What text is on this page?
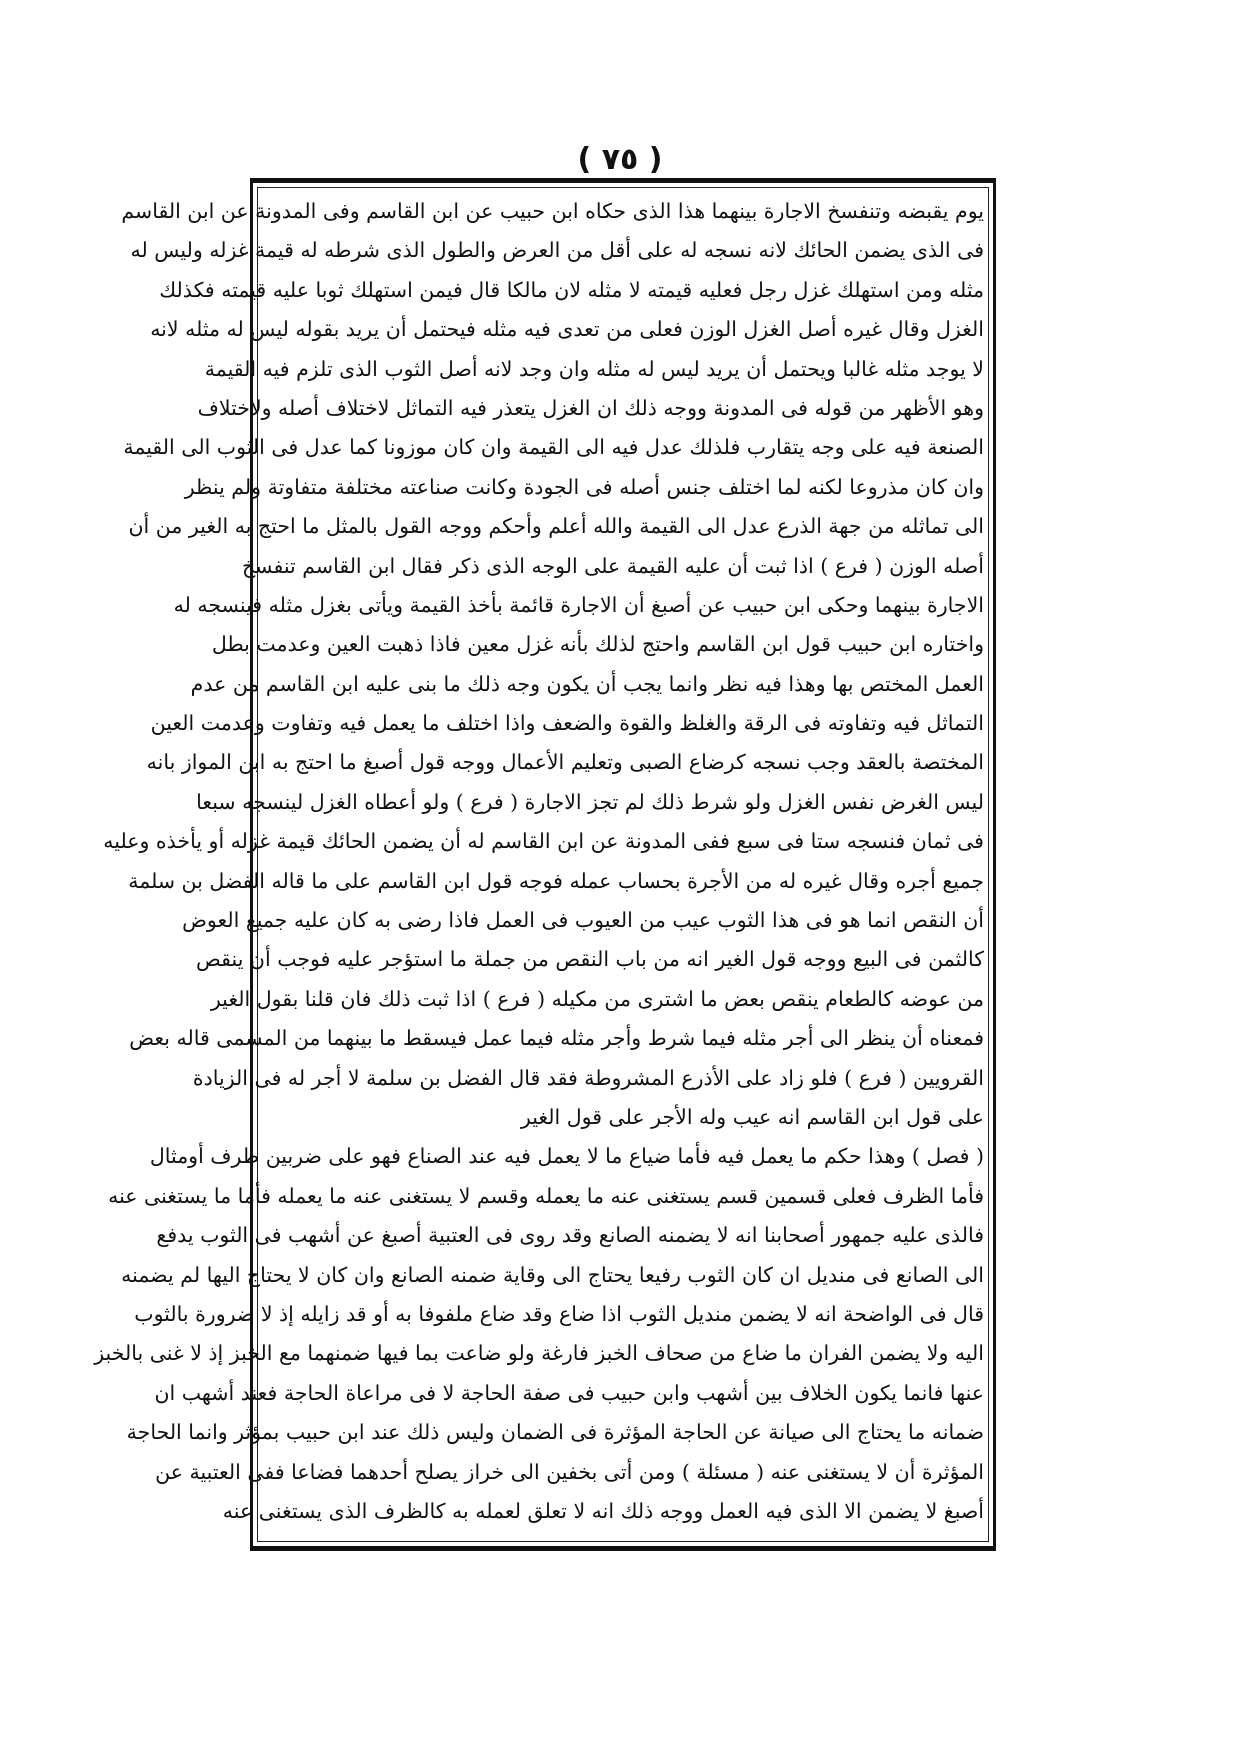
( ٧٥ )
يوم يقبضه وتنفسخ الاجارة بينهما هذا الذى حكاه ابن حبيب عن ابن القاسم وفى المدونة عن ابن القاسم
فى الذى يضمن الحائك لانه نسجه له على أقل من العرض والطول الذى شرطه له قيمة غزله وليس له
مثله ومن استهلك غزل رجل فعليه قيمته لا مثله لان مالكا قال فيمن استهلك ثوبا عليه قيمته فكذلك
الغزل وقال غيره أصل الغزل الوزن فعلى من تعدى فيه مثله فيحتمل أن يريد بقوله ليس له مثله لانه
لا يوجد مثله غالبا ويحتمل أن يريد ليس له مثله وان وجد لانه أصل الثوب الذى تلزم فيه القيمة
وهو الأظهر من قوله فى المدونة ووجه ذلك ان الغزل يتعذر فيه التماثل لاختلاف أصله ولاختلاف
الصنعة فيه على وجه يتقارب فلذلك عدل فيه الى القيمة وان كان موزونا كما عدل فى الثوب الى القيمة
وان كان مذروعا لكنه لما اختلف جنس أصله فى الجودة وكانت صناعته مختلفة متفاوتة ولم ينظر
الى تماثله من جهة الذرع عدل الى القيمة والله أعلم وأحكم ووجه القول بالمثل ما احتج به الغير من أن
أصله الوزن ( فرع ) اذا ثبت أن عليه القيمة على الوجه الذى ذكر فقال ابن القاسم تنفسخ
الاجارة بينهما وحكى ابن حبيب عن أصبغ أن الاجارة قائمة بأخذ القيمة ويأتى بغزل مثله فينسجه له
واختاره ابن حبيب قول ابن القاسم واحتج لذلك بأنه غزل معين فاذا ذهبت العين وعدمت بطل
العمل المختص بها وهذا فيه نظر وانما يجب أن يكون وجه ذلك ما بنى عليه ابن القاسم من عدم
التماثل فيه وتفاوته فى الرقة والغلظ والقوة والضعف واذا اختلف ما يعمل فيه وتفاوت وعدمت العين
المختصة بالعقد وجب نسجه كرضاع الصبى وتعليم الأعمال ووجه قول أصبغ ما احتج به ابن المواز بانه
ليس الغرض نفس الغزل ولو شرط ذلك لم تجز الاجارة ( فرع ) ولو أعطاه الغزل لينسجه سبعا
فى ثمان فنسجه ستا فى سبع ففى المدونة عن ابن القاسم له أن يضمن الحائك قيمة غزله أو يأخذه وعليه
جميع أجره وقال غيره له من الأجرة بحساب عمله فوجه قول ابن القاسم على ما قاله الفضل بن سلمة
أن النقص انما هو فى هذا الثوب عيب من العيوب فى العمل فاذا رضى به كان عليه جميع العوض
كالثمن فى البيع ووجه قول الغير انه من باب النقص من جملة ما استؤجر عليه فوجب أن ينقص
من عوضه كالطعام ينقص بعض ما اشترى من مكيله ( فرع ) اذا ثبت ذلك فان قلنا بقول الغير
فمعناه أن ينظر الى أجر مثله فيما شرط وأجر مثله فيما عمل فيسقط ما بينهما من المسمى قاله بعض
القرويين ( فرع ) فلو زاد على الأذرع المشروطة فقد قال الفضل بن سلمة لا أجر له فى الزيادة
على قول ابن القاسم انه عيب وله الأجر على قول الغير
( فصل ) وهذا حكم ما يعمل فيه فأما ضياع ما لا يعمل فيه عند الصناع فهو على ضربين ظرف أومثال
فأما الظرف فعلى قسمين قسم يستغنى عنه ما يعمله وقسم لا يستغنى عنه ما يعمله فأما ما يستغنى عنه
فالذى عليه جمهور أصحابنا انه لا يضمنه الصانع وقد روى فى العتبية أصبغ عن أشهب فى الثوب يدفع
الى الصانع فى منديل ان كان الثوب رفيعا يحتاج الى وقاية ضمنه الصانع وان كان لا يحتاج اليها لم يضمنه
قال فى الواضحة انه لا يضمن منديل الثوب اذا ضاع وقد ضاع ملفوفا به أو قد زايله إذ لا ضرورة بالثوب
اليه ولا يضمن الفران ما ضاع من صحاف الخبز فارغة ولو ضاعت بما فيها ضمنهما مع الخبز إذ لا غنى بالخبز
عنها فانما يكون الخلاف بين أشهب وابن حبيب فى صفة الحاجة لا فى مراعاة الحاجة فعند أشهب ان
ضمانه ما يحتاج الى صيانة عن الحاجة المؤثرة فى الضمان وليس ذلك عند ابن حبيب بمؤثر وانما الحاجة
المؤثرة أن لا يستغنى عنه ( مسئلة ) ومن أتى بخفين الى خراز يصلح أحدهما فضاعا ففى العتبية عن
أصبغ لا يضمن الا الذى فيه العمل ووجه ذلك انه لا تعلق لعمله به كالظرف الذى يستغنى عنه
